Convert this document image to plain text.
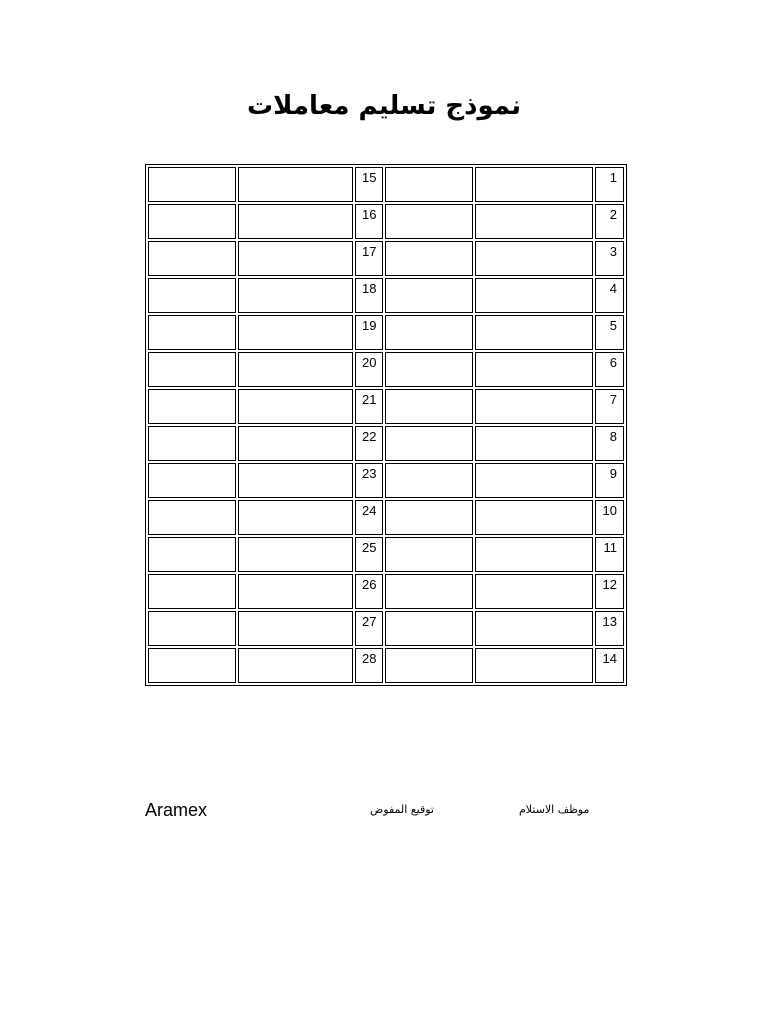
نموذج تسليم معاملات
		15			1
		16			2
		17			3
		18			4
		19			5
		20			6
		21			7
		22			8
		23			9
		24			10
		25			11
		26			12
		27			13
		28			14
Aramex	توقيع المفوض	موظف الاستلام
